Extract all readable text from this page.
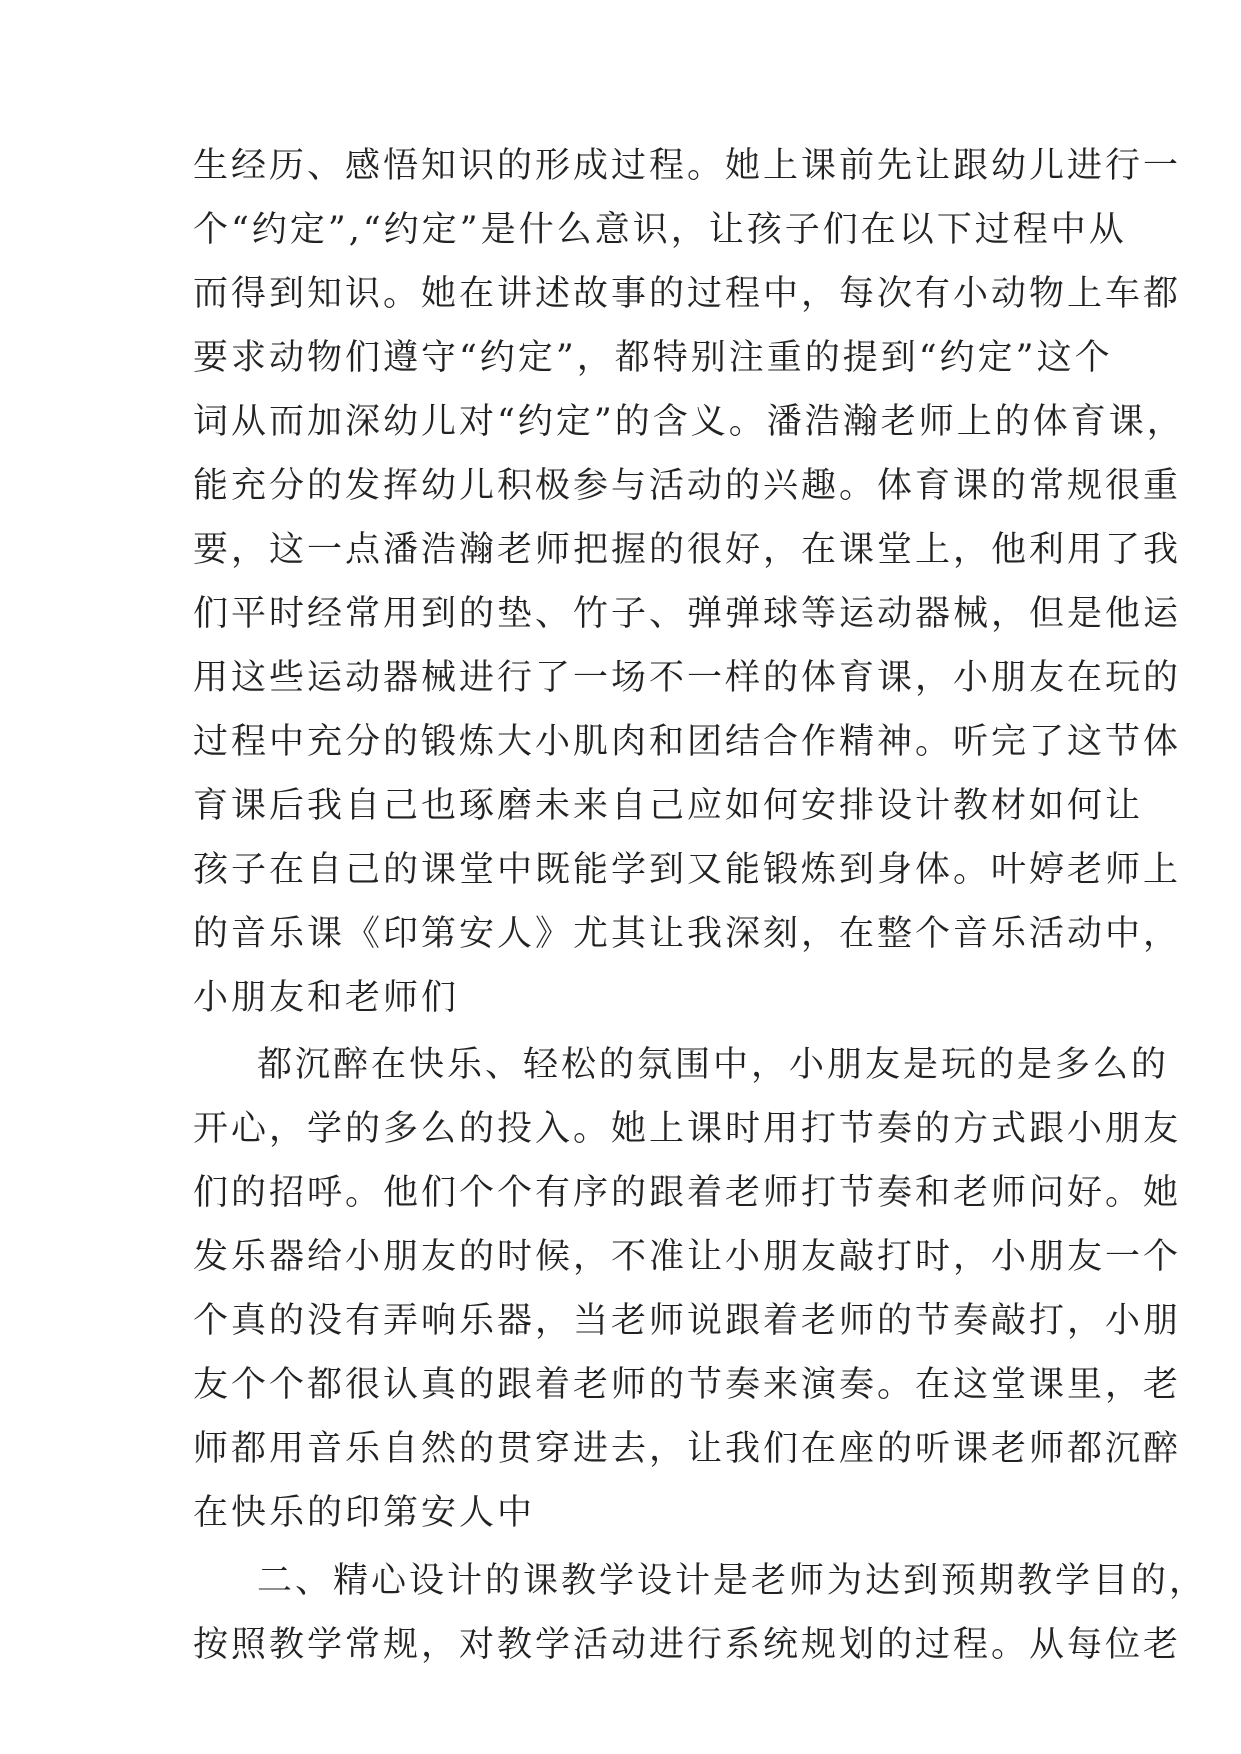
生经历、感悟知识的形成过程。她上课前先让跟幼儿进行一
个“约定”,“约定”是什么意识，让孩子们在以下过程中从
而得到知识。她在讲述故事的过程中，每次有小动物上车都
要求动物们遵守“约定”，都特别注重的提到“约定”这个
词从而加深幼儿对“约定”的含义。潘浩瀚老师上的体育课，
能充分的发挥幼儿积极参与活动的兴趣。体育课的常规很重
要，这一点潘浩瀚老师把握的很好，在课堂上，他利用了我
们平时经常用到的垫、竹子、弹弹球等运动器械，但是他运
用这些运动器械进行了一场不一样的体育课，小朋友在玩的
过程中充分的锻炼大小肌肉和团结合作精神。听完了这节体
育课后我自己也琢磨未来自己应如何安排设计教材如何让
孩子在自己的课堂中既能学到又能锻炼到身体。叶婷老师上
的音乐课《印第安人》尤其让我深刻，在整个音乐活动中，
小朋友和老师们
都沉醉在快乐、轻松的氛围中，小朋友是玩的是多么的
开心，学的多么的投入。她上课时用打节奏的方式跟小朋友
们的招呼。他们个个有序的跟着老师打节奏和老师问好。她
发乐器给小朋友的时候，不准让小朋友敲打时，小朋友一个
个真的没有弄响乐器，当老师说跟着老师的节奏敲打，小朋
友个个都很认真的跟着老师的节奏来演奏。在这堂课里，老
师都用音乐自然的贯穿进去，让我们在座的听课老师都沉醉
在快乐的印第安人中
二、精心设计的课教学设计是老师为达到预期教学目的，
按照教学常规，对教学活动进行系统规划的过程。从每位老
